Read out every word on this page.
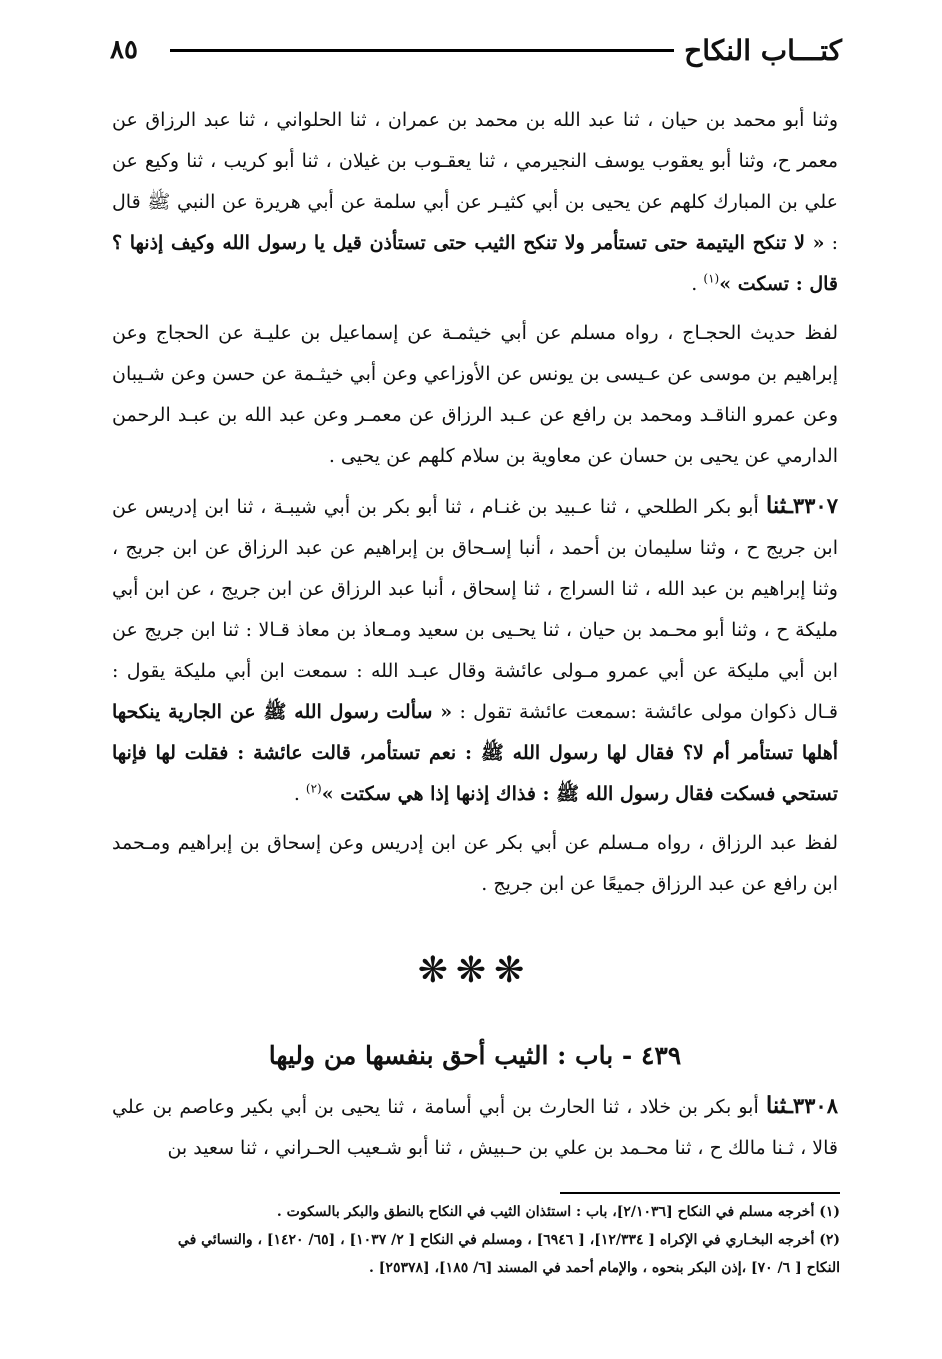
٨٥	كتـــاب النكاح

وثنا أبو محمد بن حيان ، ثنا عبد الله بن محمد بن عمران ، ثنا الحلواني ، ثنا عبد الرزاق عن معمر ح، وثنا أبو يعقوب يوسف النجيرمي ، ثنا يعقـوب بن غيلان ، ثنا أبو كريب ، ثنا وكيع عن علي بن المبارك كلهم عن يحيى بن أبي كثيـر عن أبي سلمة عن أبي هريرة عن النبي ﷺ قال : « لا تنكح اليتيمة حتى تستأمر ولا تنكح الثيب حتى تستأذن قيل يا رسول الله وكيف إذنها ؟ قال : تسكت »$^{(١)}$ .

لفظ حديث الحجـاج ، رواه مسلم عن أبي خيثمـة عن إسماعيل بن عليـة عن الحجاج وعن إبراهيم بن موسى عن عـيسى بن يونس عن الأوزاعي وعن أبي خيثـمة عن حسن وعن شـيبان وعن عمرو الناقـد ومحمد بن رافع عن عـبد الرزاق عن معمـر وعن عبد الله بن عبـد الرحمن الدارمي عن يحيى بن حسان عن معاوية بن سلام كلهم عن يحيى .

٣٣٠٧ـثنا أبو بكر الطلحي ، ثنا عـبيد بن غنـام ، ثنا أبو بكر بن أبي شيبـة ، ثنا ابن إدريس عن ابن جريج ح ، وثنا سليمان بن أحمد ، أنبا إسـحاق بن إبراهيم عن عبد الرزاق عن ابن جريج ، وثنا إبراهيم بن عبد الله ، ثنا السراج ، ثنا إسحاق ، أنبا عبد الرزاق عن ابن جريج ، عن ابن أبي مليكة ح ، وثنا أبو محـمد بن حيان ، ثنا يحـيى بن سعيد ومـعاذ بن معاذ قـالا : ثنا ابن جريج عن ابن أبي مليكة عن أبي عمرو مـولى عائشة وقال عبـد الله : سمعت ابن أبي مليكة يقول : قـال ذكوان مولى عائشة :سمعت عائشة تقول : « سألت رسول الله ﷺ عن الجارية ينكحها أهلها تستأمر أم لا؟ فقال لها رسول الله ﷺ : نعم تستأمر، قالت عائشة : فقلت لها فإنها تستحي فسكت فقال رسول الله ﷺ : فذاك إذنها إذا هي سكتت »$^{(٢)}$ .

لفظ عبد الرزاق ، رواه مـسلم عن أبي بكر عن ابن إدريس وعن إسحاق بن إبراهيم ومـحمد ابن رافع عن عبد الرزاق جميعًا عن ابن جريج .

❋❋❋
٤٣٩ - باب : الثيب أحق بنفسها من وليها

٣٣٠٨ـثنا أبو بكر بن خلاد ، ثنا الحارث بن أبي أسامة ، ثنا يحيى بن أبي بكير وعاصم بن علي قالا ، ثـنا مالك ح ، ثنا محـمد بن علي بن حـبيش ، ثنا أبو شـعيب الحـراني ، ثنا سعيد بن

(١) أخرجه مسلم في النكاح [٢/١٠٣٦]، باب : استئذان الثيب في النكاح بالنطق والبكر بالسكوت .
(٢) أخرجه البخـاري في الإكراه [ ١٢/٣٣٤]، [ ٦٩٤٦] ، ومسلم في النكاح [ ٢/ ١٠٣٧] ، [٦٥/ ١٤٢٠] ، والنسائي في النكاح [ ٦/ ٧٠] ،إذن البكر بنحوه ، والإمام أحمد في المسند [٦/ ١٨٥]، [٢٥٣٧٨] .
